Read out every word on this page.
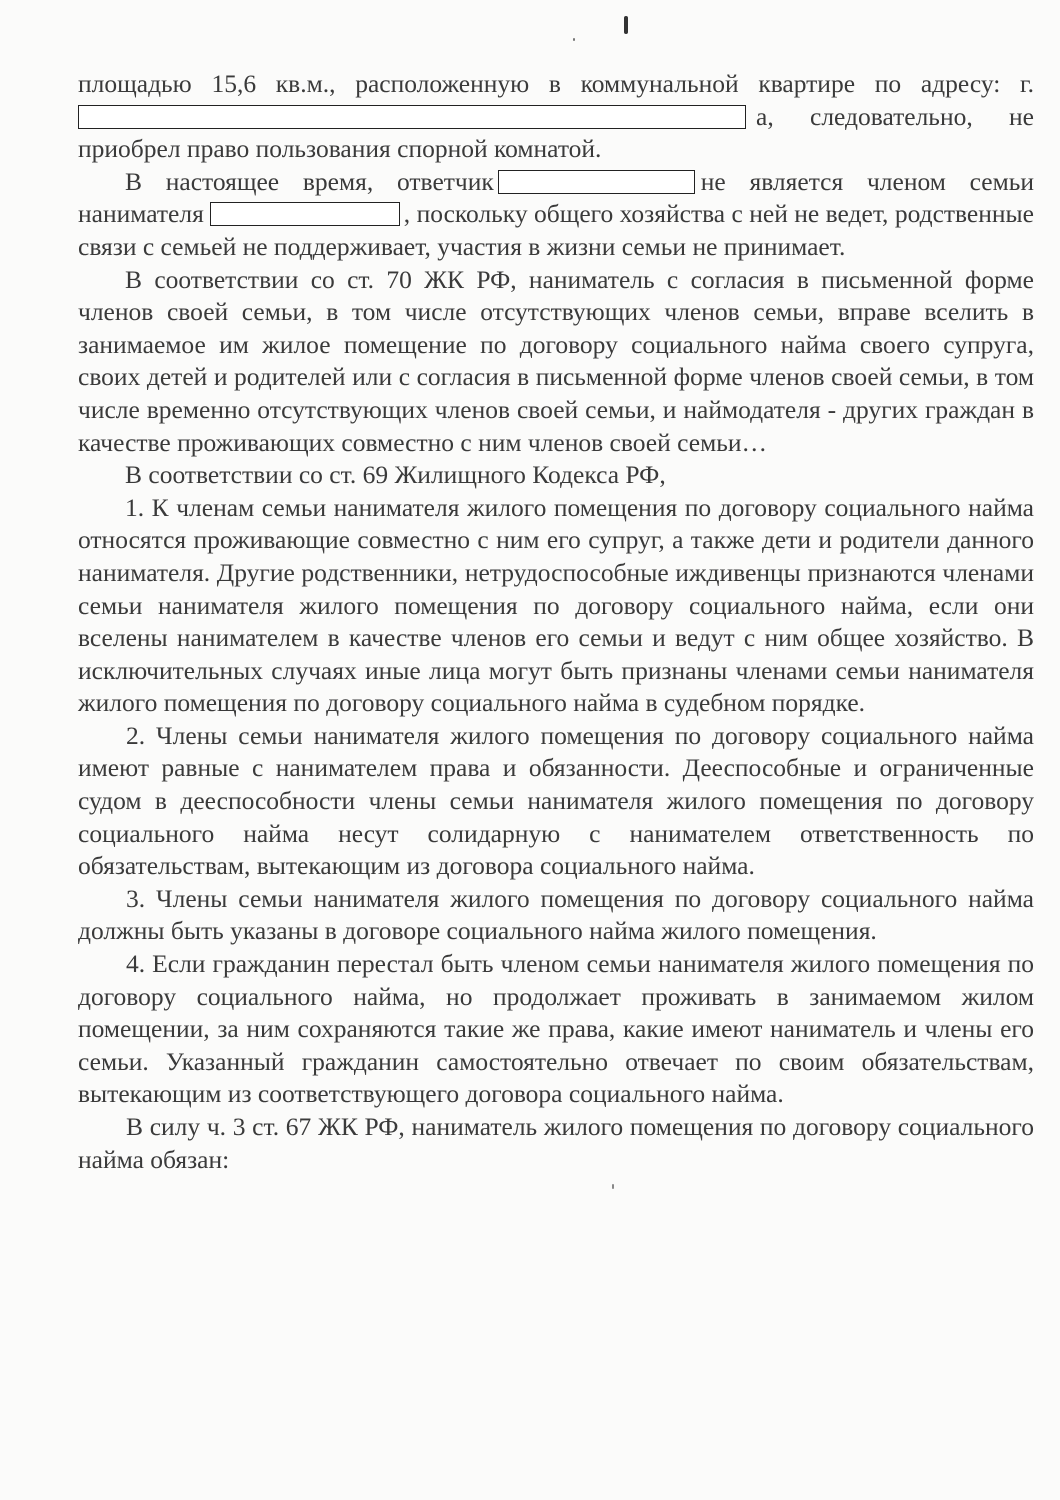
площадью 15,6 кв.м., расположенную в коммунальной квартире по адресу: г. а, следовательно, не приобрел право пользования спорной комнатой.

В настоящее время, ответчик	не является членом семьи нанимателя	, поскольку общего хозяйства с ней не ведет, родственные связи с семьей не поддерживает, участия в жизни семьи не принимает.

В соответствии со ст. 70 ЖК РФ, наниматель с согласия в письменной форме членов своей семьи, в том числе отсутствующих членов семьи, вправе вселить в занимаемое им жилое помещение по договору социального найма своего супруга, своих детей и родителей или с согласия в письменной форме членов своей семьи, в том числе временно отсутствующих членов своей семьи, и наймодателя - других граждан в качестве проживающих совместно с ним членов своей семьи…

В соответствии со ст. 69 Жилищного Кодекса РФ,

1. К членам семьи нанимателя жилого помещения по договору социального найма относятся проживающие совместно с ним его супруг, а также дети и родители данного нанимателя. Другие родственники, нетрудоспособные иждивенцы признаются членами семьи нанимателя жилого помещения по договору социального найма, если они вселены нанимателем в качестве членов его семьи и ведут с ним общее хозяйство. В исключительных случаях иные лица могут быть признаны членами семьи нанимателя жилого помещения по договору социального найма в судебном порядке.

2. Члены семьи нанимателя жилого помещения по договору социального найма имеют равные с нанимателем права и обязанности. Дееспособные и ограниченные судом в дееспособности члены семьи нанимателя жилого помещения по договору социального найма несут солидарную с нанимателем ответственность по обязательствам, вытекающим из договора социального найма.

3. Члены семьи нанимателя жилого помещения по договору социального найма должны быть указаны в договоре социального найма жилого помещения.

4. Если гражданин перестал быть членом семьи нанимателя жилого помещения по договору социального найма, но продолжает проживать в занимаемом жилом помещении, за ним сохраняются такие же права, какие имеют наниматель и члены его семьи. Указанный гражданин самостоятельно отвечает по своим обязательствам, вытекающим из соответствующего договора социального найма.

В силу ч. 3 ст. 67 ЖК РФ, наниматель жилого помещения по договору социального найма обязан:
